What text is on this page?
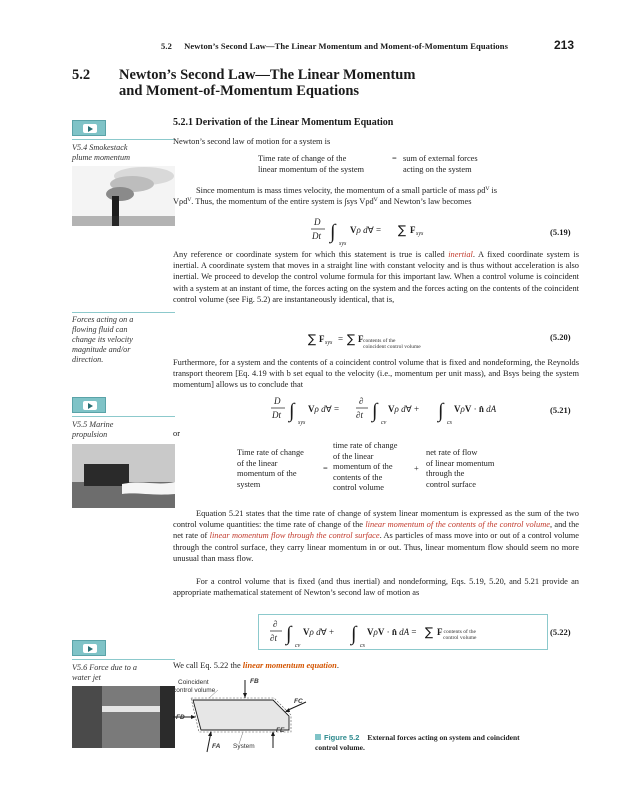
5.2 Newton’s Second Law—The Linear Momentum and Moment-of-Momentum Equations	213
5.2 Newton’s Second Law—The Linear Momentum
and Moment-of-Momentum Equations
5.2.1 Derivation of the Linear Momentum Equation
V5.4 Smokestack
plume momentum
Forces acting on a
flowing fluid can
change its velocity
magnitude and/or
direction.
V5.5 Marine
propulsion
V5.6 Force due to a
water jet

Newton’s second law of motion for a system is

Time rate of change of the
linear momentum of the system
= sum of external forces
acting on the system

Since momentum is mass times velocity, the momentum of a small particle of mass ρdⱽ is
Vρdⱽ. Thus, the momentum of the entire system is ∫sys Vρdⱽ and Newton’s law becomes

D
Dt ∫
sys
Vρ dⱯ = ∑ F sys	(5.19)

Any reference or coordinate system for which this statement is true is called inertial. A fixed coordinate system is inertial. A coordinate system that moves in a straight line with constant velocity and is thus without acceleration is also inertial. We proceed to develop the control volume formula for this important law. When a control volume is coincident with a system at an instant of time, the forces acting on the system and the forces acting on the contents of the coincident control volume (see Fig. 5.2) are instantaneously identical, that is,

∑ F sys = ∑ F contents of the
coincident control volume
(5.20)

Furthermore, for a system and the contents of a coincident control volume that is fixed and nondeforming, the Reynolds transport theorem [Eq. 4.19 with b set equal to the velocity (i.e., momentum per unit mass), and Bsys being the system momentum] allows us to conclude that

D
Dt ∫
sys
Vρ dⱯ =
∂
∂t ∫
cv
Vρ dⱯ + ∫
cs
VρV · n̂ dA	(5.21)
or
Time rate of change
of the linear
momentum of the
system
=
time rate of change
of the linear
momentum of the
contents of the
control volume
+
net rate of flow
of linear momentum
through the
control surface

Equation 5.21 states that the time rate of change of system linear momentum is expressed as the sum of the two control volume quantities: the time rate of change of the linear momentum of the contents of the control volume, and the net rate of linear momentum flow through the control surface. As particles of mass move into or out of a control volume through the control surface, they carry linear momentum in or out. Thus, linear momentum flow should seem no more unusual than mass flow.

For a control volume that is fixed (and thus inertial) and nondeforming, Eqs. 5.19, 5.20, and 5.21 provide an appropriate mathematical statement of Newton’s second law of motion as

∂
∂t ∫
cv
Vρ dⱯ + ∫
cs
VρV · n̂ dA = ∑ F contents of the
control volume
(5.22)

We call Eq. 5.22 the linear momentum equation.

Coincident
control volume
System
FB
FC
FD
FE
FA
Figure 5.2 External forces acting on system and coincident
control volume.
